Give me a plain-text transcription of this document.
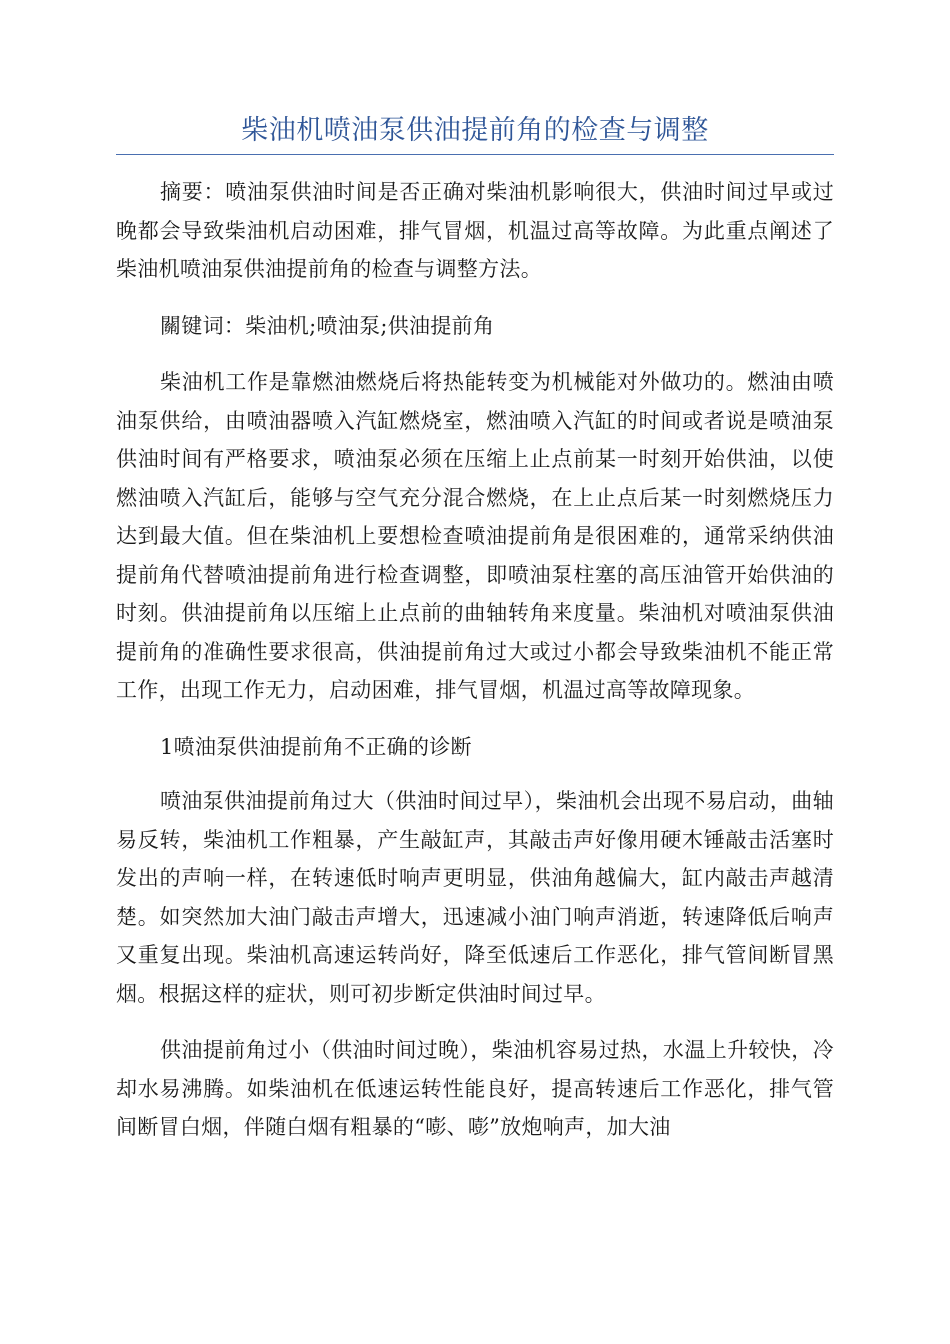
柴油机喷油泵供油提前角的检查与调整

摘要：喷油泵供油时间是否正确对柴油机影响很大，供油时间过早或过晚都会导致柴油机启动困难，排气冒烟，机温过高等故障。为此重点阐述了柴油机喷油泵供油提前角的检查与调整方法。

關键词：柴油机;喷油泵;供油提前角

柴油机工作是靠燃油燃烧后将热能转变为机械能对外做功的。燃油由喷油泵供给，由喷油器喷入汽缸燃烧室，燃油喷入汽缸的时间或者说是喷油泵供油时间有严格要求，喷油泵必须在压缩上止点前某一时刻开始供油，以使燃油喷入汽缸后，能够与空气充分混合燃烧，在上止点后某一时刻燃烧压力达到最大值。但在柴油机上要想检查喷油提前角是很困难的，通常采纳供油提前角代替喷油提前角进行检查调整，即喷油泵柱塞的高压油管开始供油的时刻。供油提前角以压缩上止点前的曲轴转角来度量。柴油机对喷油泵供油提前角的准确性要求很高，供油提前角过大或过小都会导致柴油机不能正常工作，出现工作无力，启动困难，排气冒烟，机温过高等故障现象。

1喷油泵供油提前角不正确的诊断

喷油泵供油提前角过大（供油时间过早），柴油机会出现不易启动，曲轴易反转，柴油机工作粗暴，产生敲缸声，其敲击声好像用硬木锤敲击活塞时发出的声响一样，在转速低时响声更明显，供油角越偏大，缸内敲击声越清楚。如突然加大油门敲击声增大，迅速减小油门响声消逝，转速降低后响声又重复出现。柴油机高速运转尚好，降至低速后工作恶化，排气管间断冒黑烟。根据这样的症状，则可初步断定供油时间过早。

供油提前角过小（供油时间过晚），柴油机容易过热，水温上升较快，冷却水易沸腾。如柴油机在低速运转性能良好，提高转速后工作恶化，排气管间断冒白烟，伴随白烟有粗暴的“嘭、嘭”放炮响声，加大油
